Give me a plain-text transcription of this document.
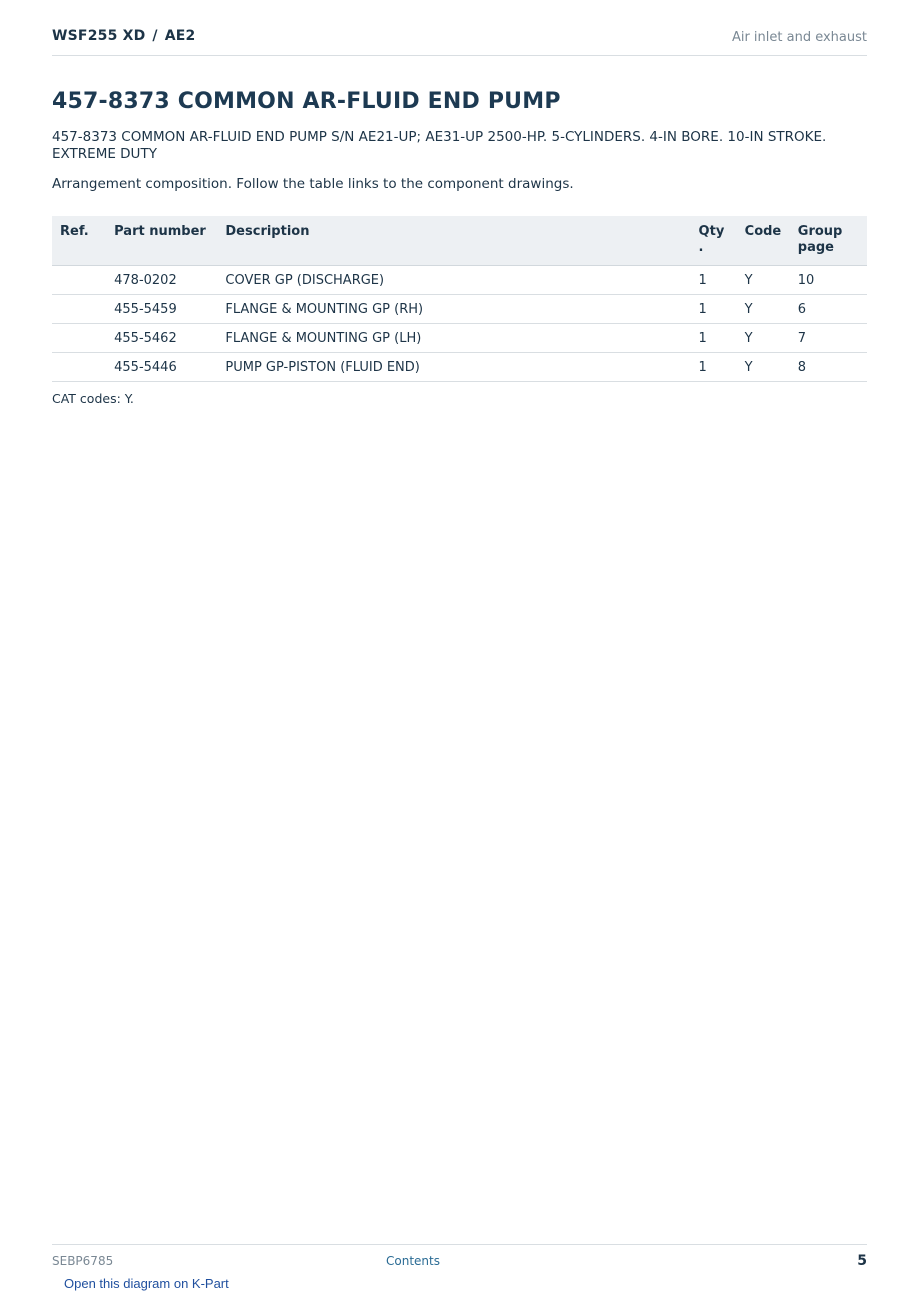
WSF255 XD / AE2	Air inlet and exhaust
457-8373 COMMON AR-FLUID END PUMP

457-8373 COMMON AR-FLUID END PUMP S/N AE21-UP; AE31-UP 2500-HP. 5-CYLINDERS. 4-IN BORE. 10-IN STROKE. EXTREME DUTY

Arrangement composition. Follow the table links to the component drawings.

Ref.	Part number	Description	Qty .	Code	Group page
	478-0202	COVER GP (DISCHARGE)	1	Y	10
	455-5459	FLANGE & MOUNTING GP (RH)	1	Y	6
	455-5462	FLANGE & MOUNTING GP (LH)	1	Y	7
	455-5446	PUMP GP-PISTON (FLUID END)	1	Y	8

CAT codes: Y.

SEBP6785	Contents	5
Open this diagram on K-Part
